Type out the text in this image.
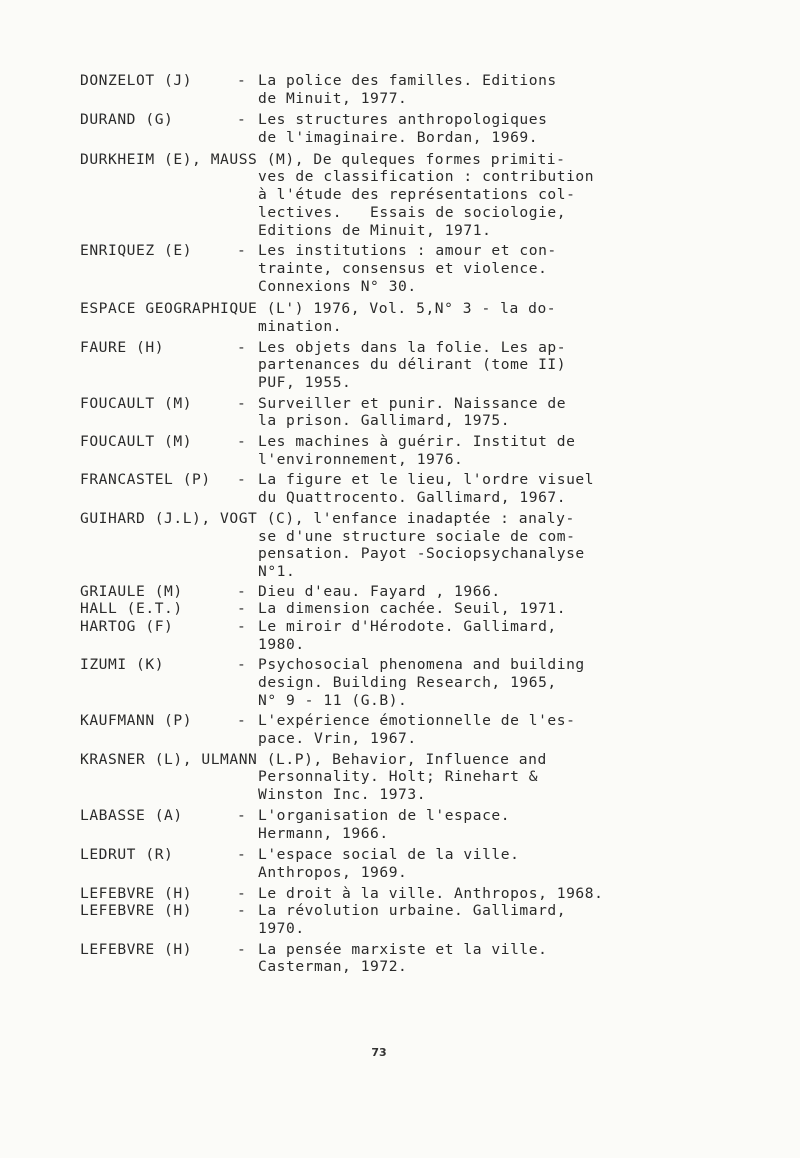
DONZELOT (J)	- La police des familles. Editions
de Minuit, 1977.
DURAND (G)	- Les structures anthropologiques
de l'imaginaire. Bordan, 1969.
DURKHEIM (E), MAUSS (M), De quleques formes primiti-
ves de classification : contribution
à l'étude des représentations col-
lectives.   Essais de sociologie,
Editions de Minuit, 1971.
ENRIQUEZ (E)	- Les institutions : amour et con-
trainte, consensus et violence.
Connexions N° 30.
ESPACE GEOGRAPHIQUE (L') 1976, Vol. 5,N° 3 - la do-
mination.
FAURE (H)	- Les objets dans la folie. Les ap-
partenances du délirant (tome II)
PUF, 1955.
FOUCAULT (M)	- Surveiller et punir. Naissance de
la prison. Gallimard, 1975.
FOUCAULT (M)	- Les machines à guérir. Institut de
l'environnement, 1976.
FRANCASTEL (P) - La figure et le lieu, l'ordre visuel
du Quattrocento. Gallimard, 1967.
GUIHARD (J.L), VOGT (C), l'enfance inadaptée : analy-
se d'une structure sociale de com-
pensation. Payot -Sociopsychanalyse
N°1.
GRIAULE (M)	- Dieu d'eau. Fayard , 1966.
HALL (E.T.)	- La dimension cachée. Seuil, 1971.
HARTOG (F)	- Le miroir d'Hérodote. Gallimard,
1980.
IZUMI (K)	- Psychosocial phenomena and building
design. Building Research, 1965,
N° 9 - 11 (G.B).
KAUFMANN (P)	- L'expérience émotionnelle de l'es-
pace. Vrin, 1967.
KRASNER (L), ULMANN (L.P), Behavior, Influence and
Personnality. Holt; Rinehart &
Winston Inc. 1973.
LABASSE (A)	- L'organisation de l'espace.
Hermann, 1966.
LEDRUT (R)	- L'espace social de la ville.
Anthropos, 1969.
LEFEBVRE (H)	- Le droit à la ville. Anthropos, 1968.
LEFEBVRE (H)	- La révolution urbaine. Gallimard,
1970.
LEFEBVRE (H)	- La pensée marxiste et la ville.
Casterman, 1972.
73
